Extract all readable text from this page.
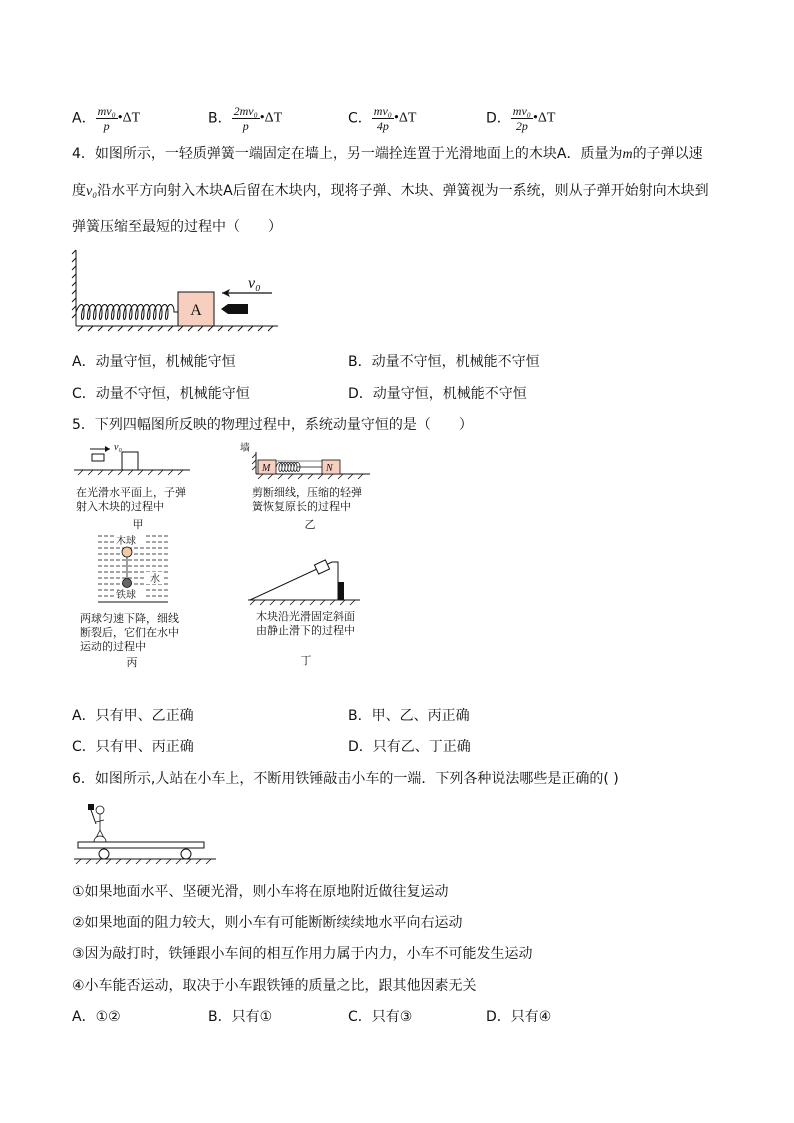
A． $\frac{\text{mv₀}}{p}$ •ΔT	B． $\frac{\text{2mv₀}}{p}$ •ΔT	C． $\frac{\text{mv₀}}{4p}$ •ΔT	D． $\frac{\text{mv₀}}{2p}$ •ΔT
4．如图所示，一轻质弹簧一端固定在墙上，另一端拴连置于光滑地面上的木块A．质量为m的子弹以速
度v₀沿水平方向射入木块A后留在木块内，现将子弹、木块、弹簧视为一系统，则从子弹开始射向木块到
弹簧压缩至最短的过程中（　　）
A
v₀
A．动量守恒，机械能守恒	B．动量不守恒，机械能不守恒
C．动量不守恒，机械能守恒	D．动量守恒，机械能不守恒
5．下列四幅图所反映的物理过程中，系统动量守恒的是（　　）
v₀
在光滑水平面上，子弹
射入木块的过程中
甲
墙
M	N
剪断细线，压缩的轻弹
簧恢复原长的过程中
乙
木球
水
铁球
两球匀速下降，细线
断裂后，它们在水中
运动的过程中
丙
木块沿光滑固定斜面
由静止滑下的过程中
丁
A．只有甲、乙正确	B．甲、乙、丙正确
C．只有甲、丙正确	D．只有乙、丁正确
6．如图所示,人站在小车上，不断用铁锤敲击小车的一端．下列各种说法哪些是正确的( )
①如果地面水平、坚硬光滑，则小车将在原地附近做往复运动
②如果地面的阻力较大，则小车有可能断断续续地水平向右运动
③因为敲打时，铁锤跟小车间的相互作用力属于内力，小车不可能发生运动
④小车能否运动，取决于小车跟铁锤的质量之比，跟其他因素无关
A．①②	B．只有①	C．只有③	D．只有④
